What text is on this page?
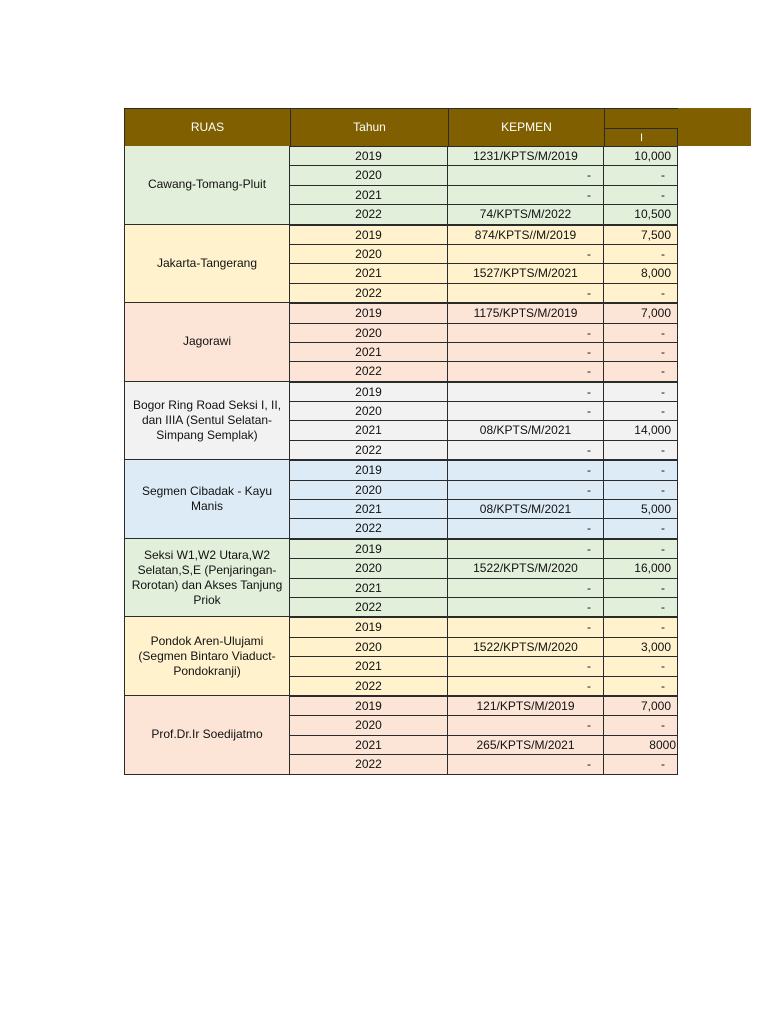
RUAS	Tahun	KEPMEN
I
Cawang-Tomang-Pluit
2019	1231/KPTS/M/2019	10,000
2020	-	-
2021	-	-
2022	74/KPTS/M/2022	10,500
Jakarta-Tangerang
2019	874/KPTS//M/2019	7,500
2020	-	-
2021	1527/KPTS/M/2021	8,000
2022	-	-
Jagorawi
2019	1175/KPTS/M/2019	7,000
2020	-	-
2021	-	-
2022	-	-
Bogor Ring Road Seksi I, II, dan IIIA (Sentul Selatan-Simpang Semplak)
2019	-	-
2020	-	-
2021	08/KPTS/M/2021	14,000
2022	-	-
Segmen Cibadak - Kayu Manis
2019	-	-
2020	-	-
2021	08/KPTS/M/2021	5,000
2022	-	-
Seksi W1,W2 Utara,W2 Selatan,S,E (Penjaringan-Rorotan) dan Akses Tanjung Priok
2019	-	-
2020	1522/KPTS/M/2020	16,000
2021	-	-
2022	-	-
Pondok Aren-Ulujami (Segmen Bintaro Viaduct-Pondokranji)
2019	-	-
2020	1522/KPTS/M/2020	3,000
2021	-	-
2022	-	-
Prof.Dr.Ir Soedijatmo
2019	121/KPTS/M/2019	7,000
2020	-	-
2021	265/KPTS/M/2021	8000
2022	-	-
